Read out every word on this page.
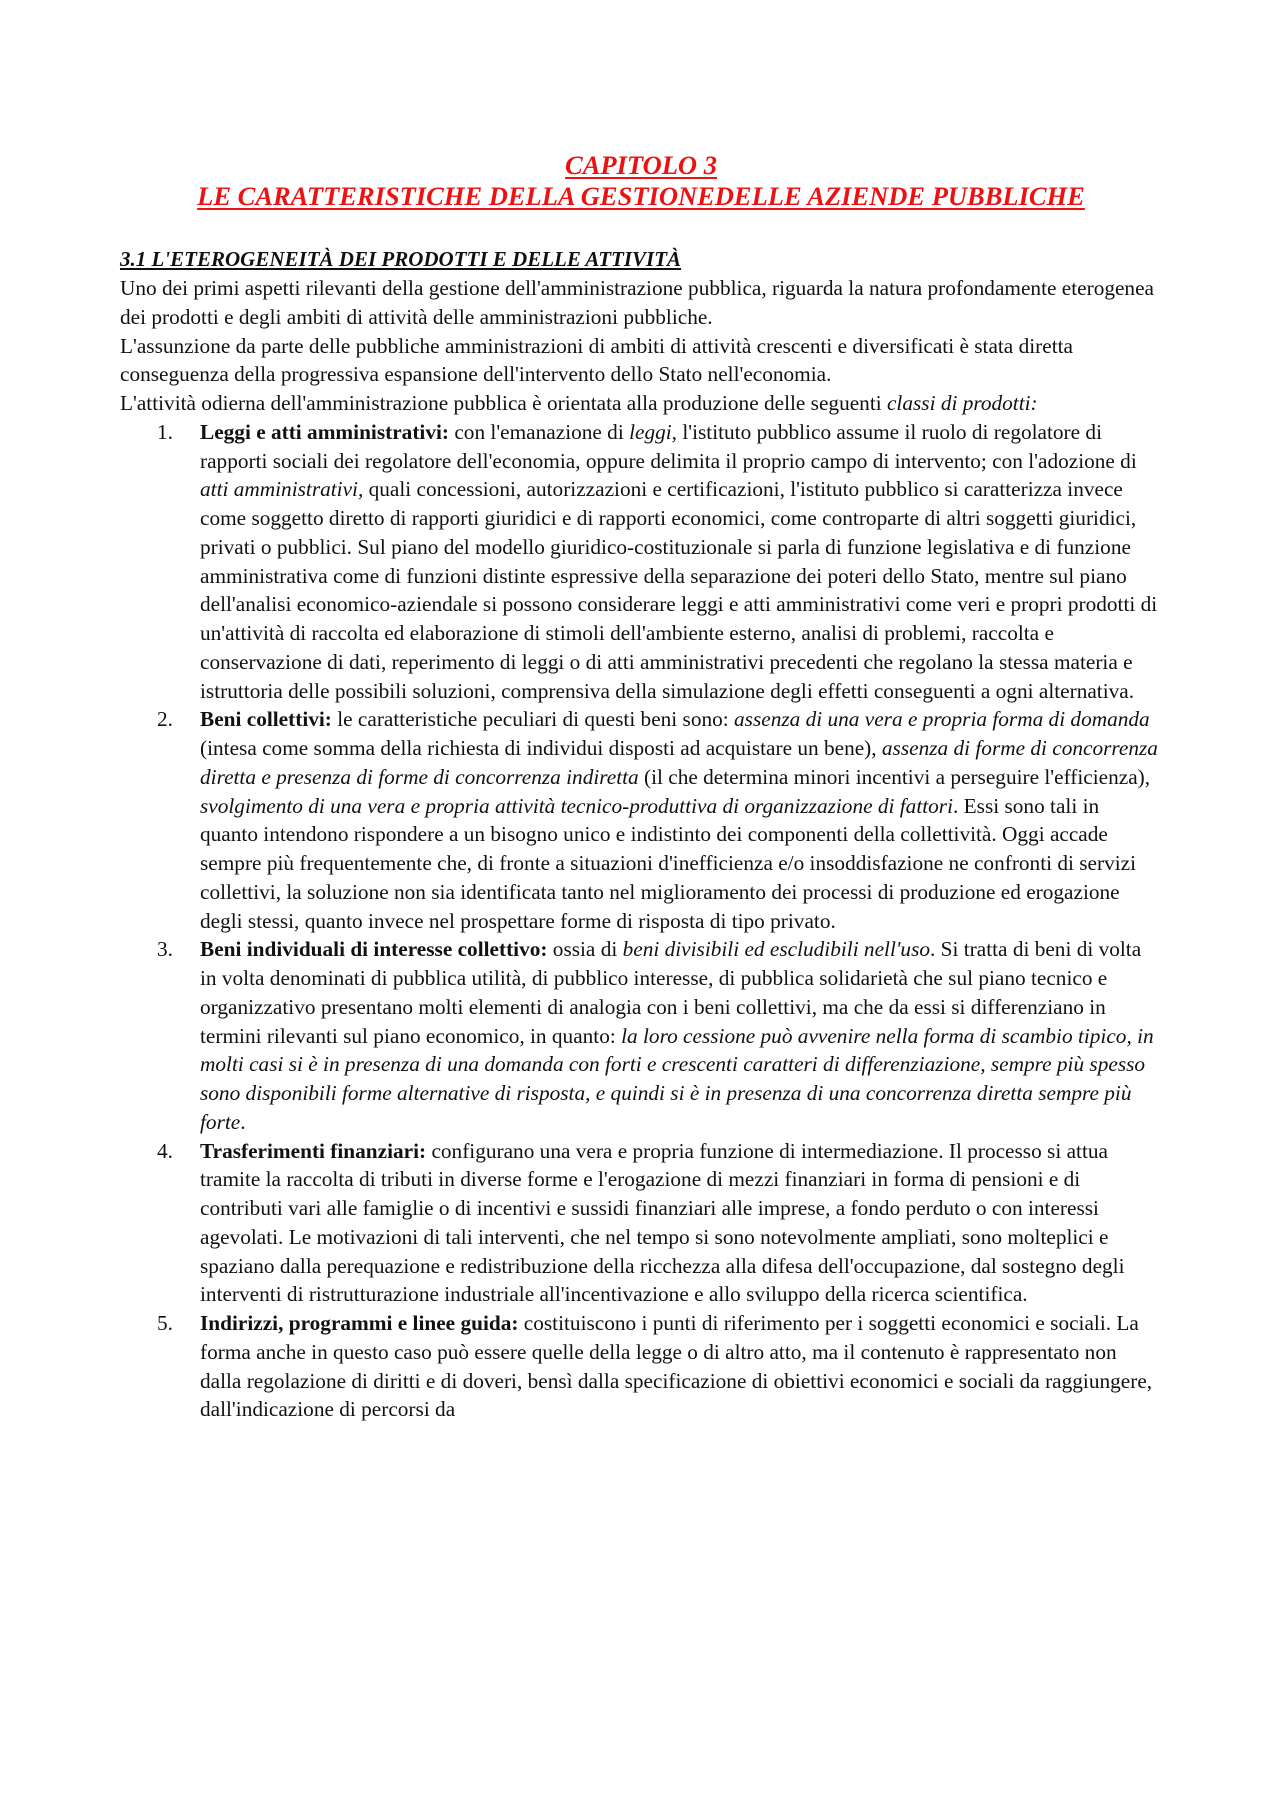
CAPITOLO 3
LE CARATTERISTICHE DELLA GESTIONEDELLE AZIENDE PUBBLICHE
3.1 L'ETEROGENEITÀ DEI PRODOTTI E DELLE ATTIVITÀ

Uno dei primi aspetti rilevanti della gestione dell'amministrazione pubblica, riguarda la natura profondamente eterogenea dei prodotti e degli ambiti di attività delle amministrazioni pubbliche.
L'assunzione da parte delle pubbliche amministrazioni di ambiti di attività crescenti e diversificati è stata diretta conseguenza della progressiva espansione dell'intervento dello Stato nell'economia.
L'attività odierna dell'amministrazione pubblica è orientata alla produzione delle seguenti classi di prodotti:

1. Leggi e atti amministrativi: con l'emanazione di leggi, l'istituto pubblico assume il ruolo di regolatore di rapporti sociali dei regolatore dell'economia, oppure delimita il proprio campo di intervento; con l'adozione di atti amministrativi, quali concessioni, autorizzazioni e certificazioni, l'istituto pubblico si caratterizza invece come soggetto diretto di rapporti giuridici e di rapporti economici, come controparte di altri soggetti giuridici, privati o pubblici. Sul piano del modello giuridico-costituzionale si parla di funzione legislativa e di funzione amministrativa come di funzioni distinte espressive della separazione dei poteri dello Stato, mentre sul piano dell'analisi economico-aziendale si possono considerare leggi e atti amministrativi come veri e propri prodotti di un'attività di raccolta ed elaborazione di stimoli dell'ambiente esterno, analisi di problemi, raccolta e conservazione di dati, reperimento di leggi o di atti amministrativi precedenti che regolano la stessa materia e istruttoria delle possibili soluzioni, comprensiva della simulazione degli effetti conseguenti a ogni alternativa.
2. Beni collettivi: le caratteristiche peculiari di questi beni sono: assenza di una vera e propria forma di domanda (intesa come somma della richiesta di individui disposti ad acquistare un bene), assenza di forme di concorrenza diretta e presenza di forme di concorrenza indiretta (il che determina minori incentivi a perseguire l'efficienza), svolgimento di una vera e propria attività tecnico-produttiva di organizzazione di fattori. Essi sono tali in quanto intendono rispondere a un bisogno unico e indistinto dei componenti della collettività. Oggi accade sempre più frequentemente che, di fronte a situazioni d'inefficienza e/o insoddisfazione ne confronti di servizi collettivi, la soluzione non sia identificata tanto nel miglioramento dei processi di produzione ed erogazione degli stessi, quanto invece nel prospettare forme di risposta di tipo privato.
3. Beni individuali di interesse collettivo: ossia di beni divisibili ed escludibili nell'uso. Si tratta di beni di volta in volta denominati di pubblica utilità, di pubblico interesse, di pubblica solidarietà che sul piano tecnico e organizzativo presentano molti elementi di analogia con i beni collettivi, ma che da essi si differenziano in termini rilevanti sul piano economico, in quanto: la loro cessione può avvenire nella forma di scambio tipico, in molti casi si è in presenza di una domanda con forti e crescenti caratteri di differenziazione, sempre più spesso sono disponibili forme alternative di risposta, e quindi si è in presenza di una concorrenza diretta sempre più forte.
4. Trasferimenti finanziari: configurano una vera e propria funzione di intermediazione. Il processo si attua tramite la raccolta di tributi in diverse forme e l'erogazione di mezzi finanziari in forma di pensioni e di contributi vari alle famiglie o di incentivi e sussidi finanziari alle imprese, a fondo perduto o con interessi agevolati. Le motivazioni di tali interventi, che nel tempo si sono notevolmente ampliati, sono molteplici e spaziano dalla perequazione e redistribuzione della ricchezza alla difesa dell'occupazione, dal sostegno degli interventi di ristrutturazione industriale all'incentivazione e allo sviluppo della ricerca scientifica.
5. Indirizzi, programmi e linee guida: costituiscono i punti di riferimento per i soggetti economici e sociali. La forma anche in questo caso può essere quelle della legge o di altro atto, ma il contenuto è rappresentato non dalla regolazione di diritti e di doveri, bensì dalla specificazione di obiettivi economici e sociali da raggiungere, dall'indicazione di percorsi da
